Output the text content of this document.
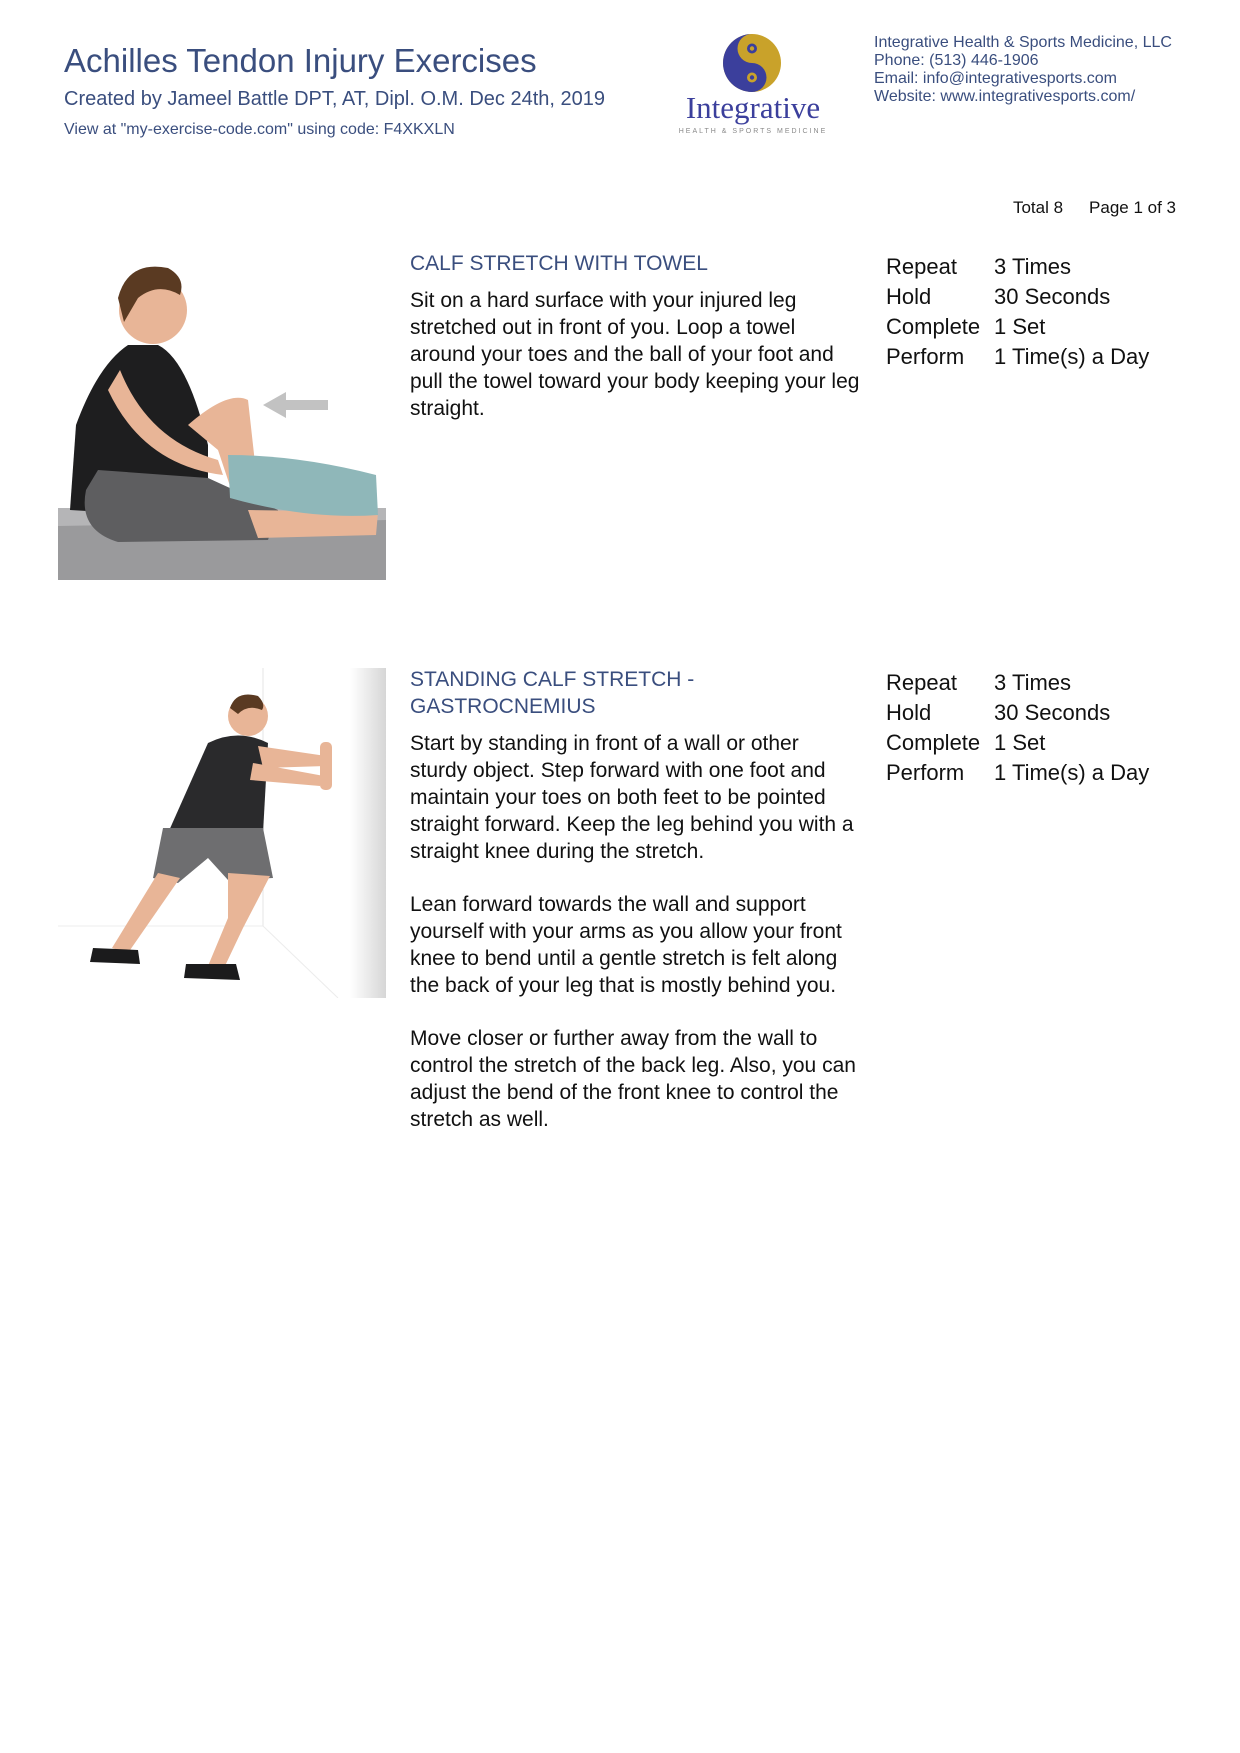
Achilles Tendon Injury Exercises
Created by Jameel Battle DPT, AT, Dipl. O.M. Dec 24th, 2019
View at "my-exercise-code.com" using code: F4XKXLN
Integrative
HEALTH & SPORTS MEDICINE
Integrative Health & Sports Medicine, LLC
Phone: (513) 446-1906
Email: info@integrativesports.com
Website: www.integrativesports.com/
Total 8 Page 1 of 3
CALF STRETCH WITH TOWEL

Sit on a hard surface with your injured leg stretched out in front of you. Loop a towel around your toes and the ball of your foot and pull the towel toward your body keeping your leg straight.

Repeat	3 Times
Hold	30 Seconds
Complete 1 Set
Perform	1 Time(s) a Day
STANDING CALF STRETCH - GASTROCNEMIUS

Start by standing in front of a wall or other sturdy object. Step forward with one foot and maintain your toes on both feet to be pointed straight forward. Keep the leg behind you with a straight knee during the stretch.

Lean forward towards the wall and support yourself with your arms as you allow your front knee to bend until a gentle stretch is felt along the back of your leg that is mostly behind you.

Move closer or further away from the wall to control the stretch of the back leg. Also, you can adjust the bend of the front knee to control the stretch as well.

Repeat	3 Times
Hold	30 Seconds
Complete 1 Set
Perform	1 Time(s) a Day
